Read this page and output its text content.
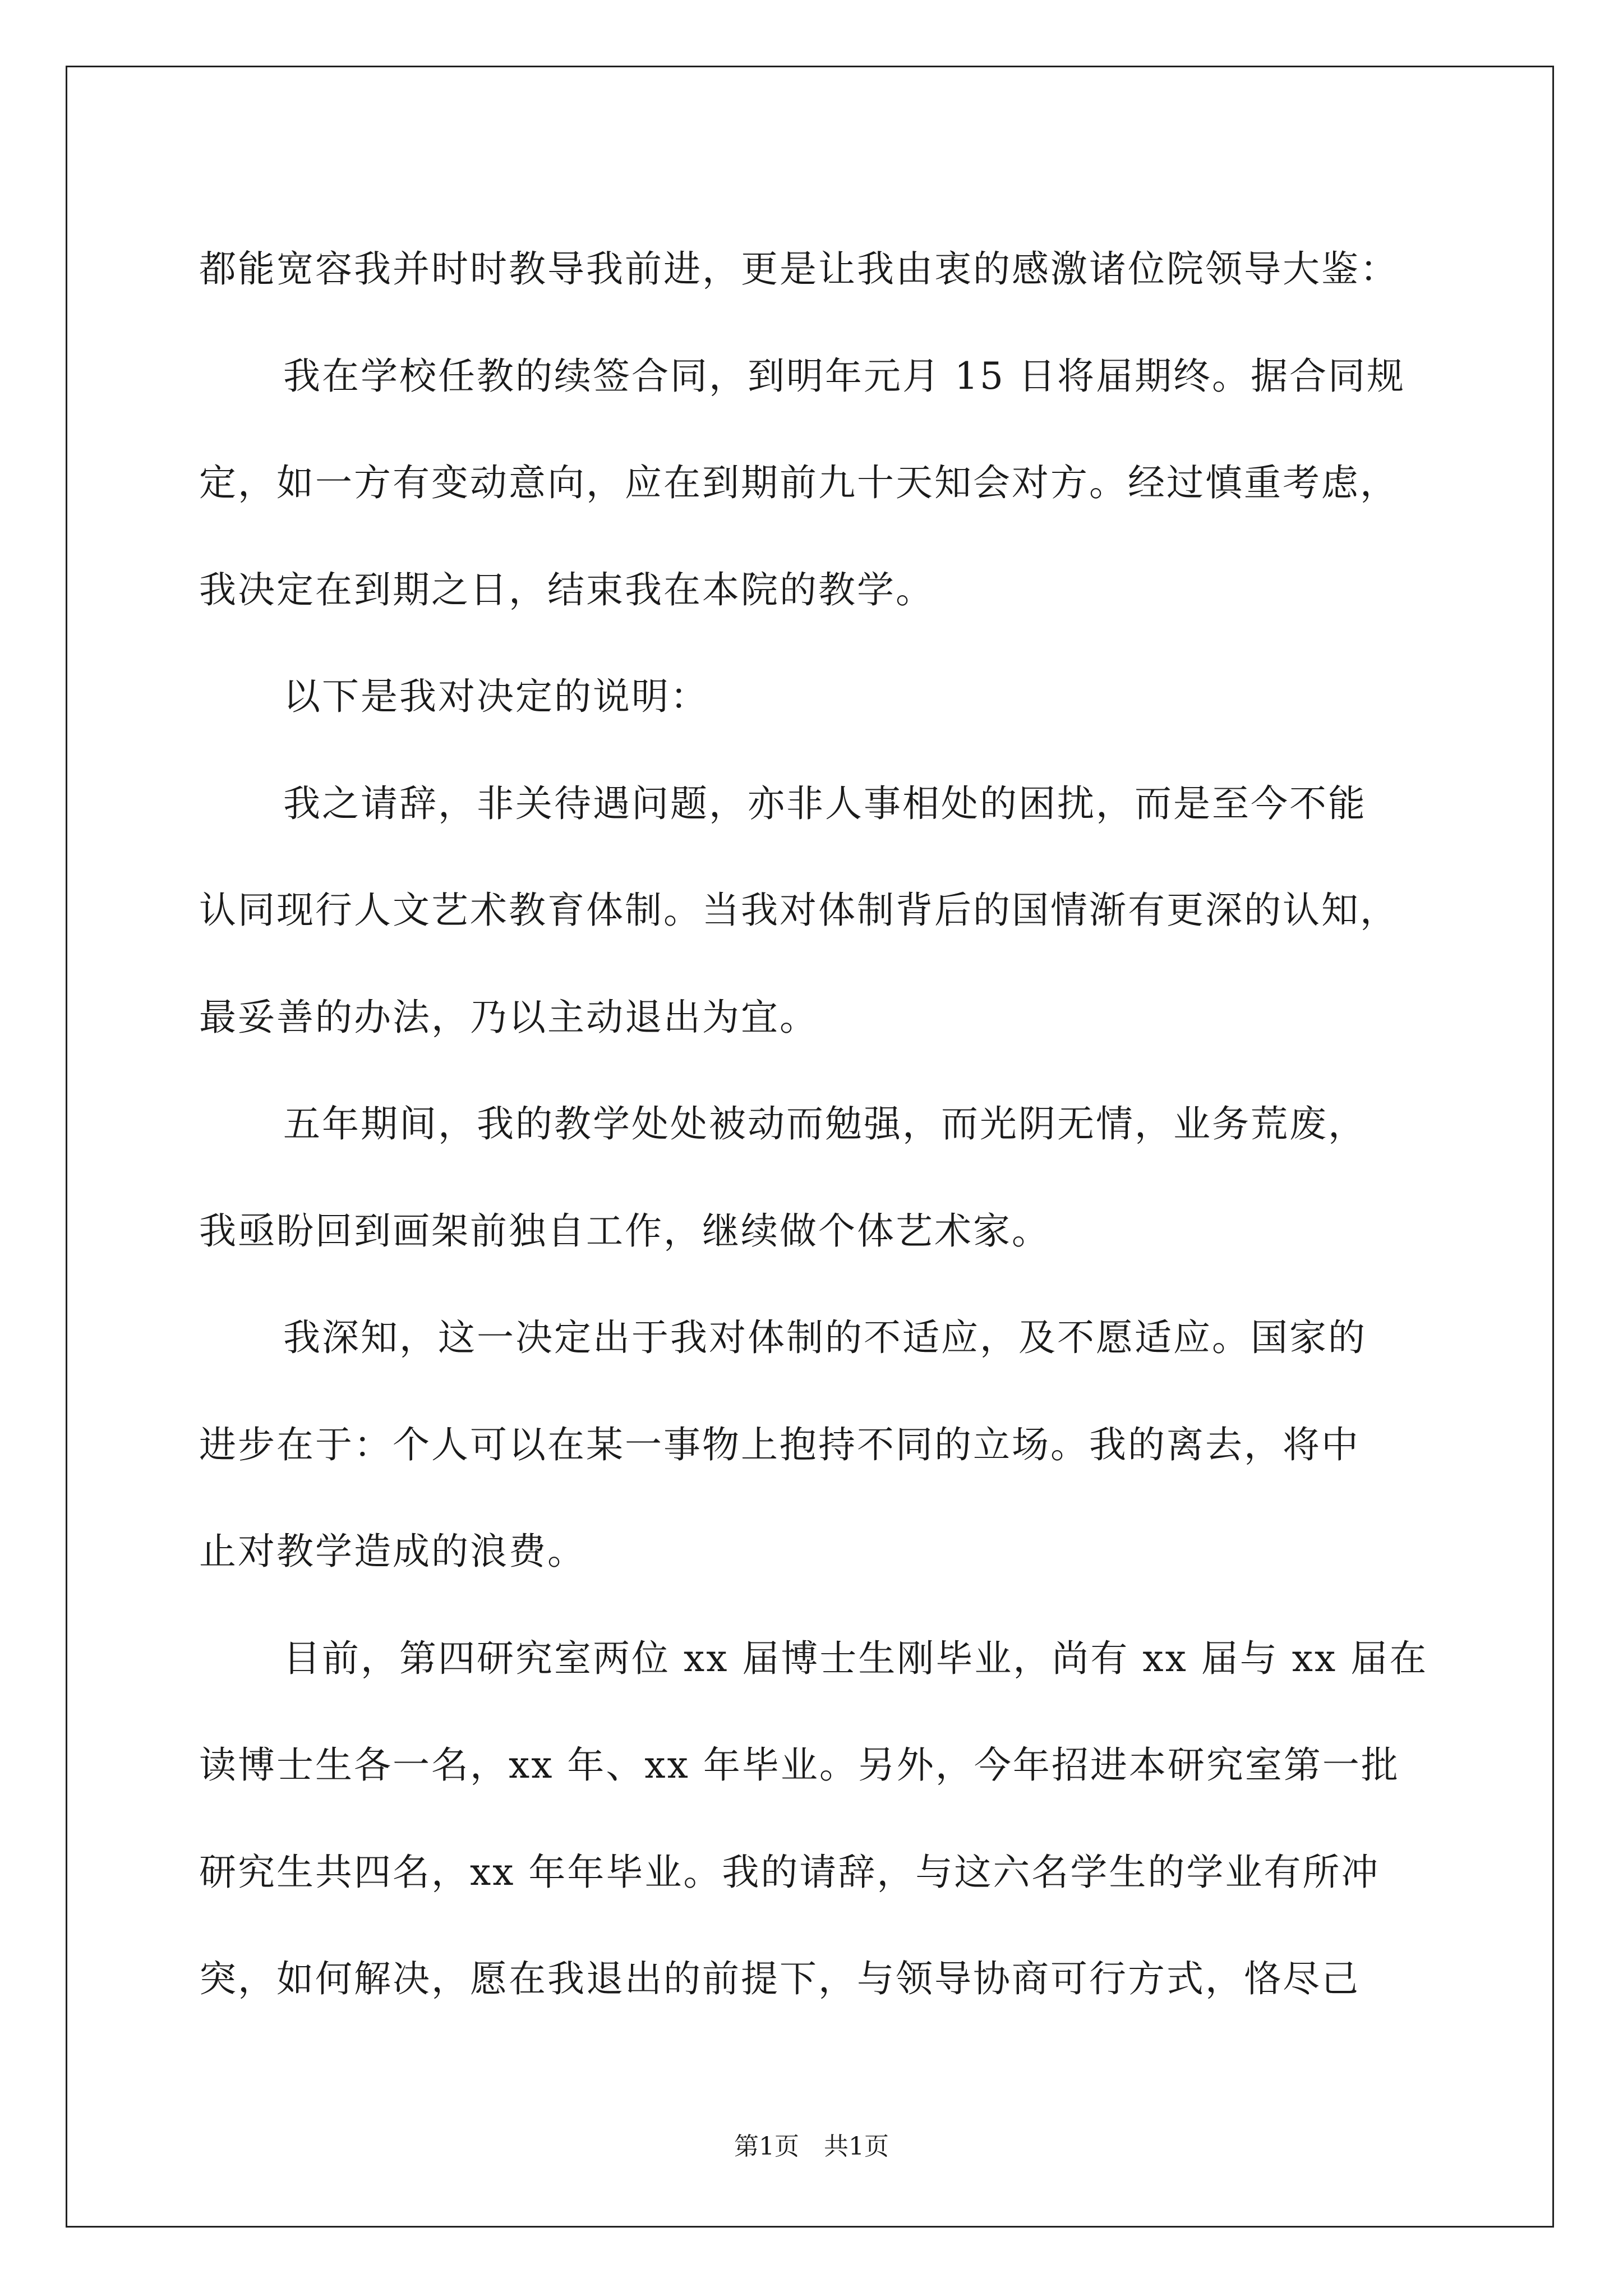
都能宽容我并时时教导我前进，更是让我由衷的感激诸位院领导大鉴：
我在学校任教的续签合同，到明年元月 15 日将届期终。据合同规
定，如一方有变动意向，应在到期前九十天知会对方。经过慎重考虑，
我决定在到期之日，结束我在本院的教学。
以下是我对决定的说明：
我之请辞，非关待遇问题，亦非人事相处的困扰，而是至今不能
认同现行人文艺术教育体制。当我对体制背后的国情渐有更深的认知，
最妥善的办法，乃以主动退出为宜。
五年期间，我的教学处处被动而勉强，而光阴无情，业务荒废，
我亟盼回到画架前独自工作，继续做个体艺术家。
我深知，这一决定出于我对体制的不适应，及不愿适应。国家的
进步在于：个人可以在某一事物上抱持不同的立场。我的离去，将中
止对教学造成的浪费。
目前，第四研究室两位 xx 届博士生刚毕业，尚有 xx 届与 xx 届在
读博士生各一名，xx 年、xx 年毕业。另外，今年招进本研究室第一批
研究生共四名，xx 年年毕业。我的请辞，与这六名学生的学业有所冲
突，如何解决，愿在我退出的前提下，与领导协商可行方式，恪尽己
第1页 共1页
